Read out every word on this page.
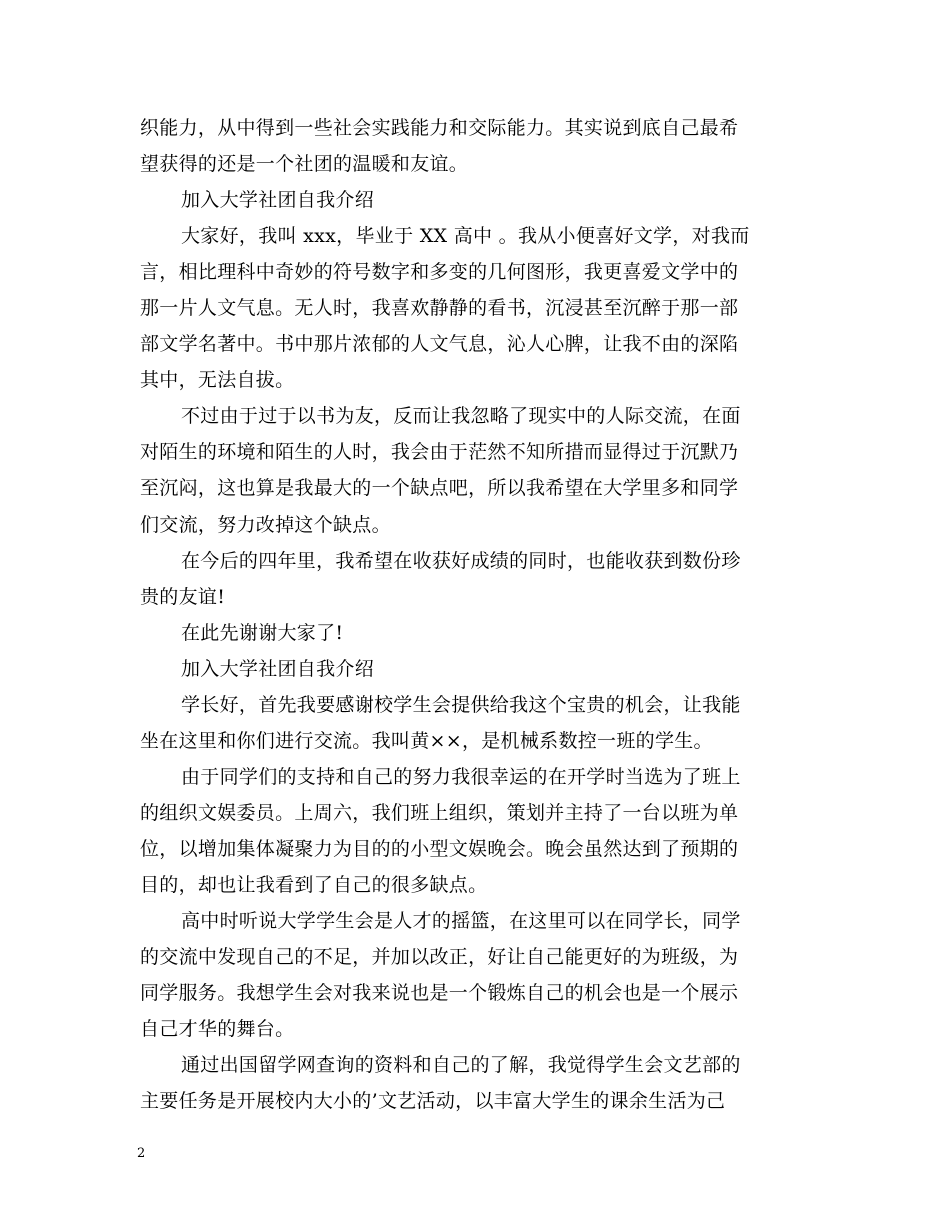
织能力，从中得到一些社会实践能力和交际能力。其实说到底自己最希
望获得的还是一个社团的温暖和友谊。
加入大学社团自我介绍
大家好，我叫 xxx，毕业于 XX 高中 。我从小便喜好文学，对我而
言，相比理科中奇妙的符号数字和多变的几何图形，我更喜爱文学中的
那一片人文气息。无人时，我喜欢静静的看书，沉浸甚至沉醉于那一部
部文学名著中。书中那片浓郁的人文气息，沁人心脾，让我不由的深陷
其中，无法自拔。
不过由于过于以书为友，反而让我忽略了现实中的人际交流，在面
对陌生的环境和陌生的人时，我会由于茫然不知所措而显得过于沉默乃
至沉闷，这也算是我最大的一个缺点吧，所以我希望在大学里多和同学
们交流，努力改掉这个缺点。
在今后的四年里，我希望在收获好成绩的同时，也能收获到数份珍
贵的友谊!
在此先谢谢大家了!
加入大学社团自我介绍
学长好，首先我要感谢校学生会提供给我这个宝贵的机会，让我能
坐在这里和你们进行交流。我叫黄××，是机械系数控一班的学生。
由于同学们的支持和自己的努力我很幸运的在开学时当选为了班上
的组织文娱委员。上周六，我们班上组织，策划并主持了一台以班为单
位，以增加集体凝聚力为目的的小型文娱晚会。晚会虽然达到了预期的
目的，却也让我看到了自己的很多缺点。
高中时听说大学学生会是人才的摇篮，在这里可以在同学长，同学
的交流中发现自己的不足，并加以改正，好让自己能更好的为班级，为
同学服务。我想学生会对我来说也是一个锻炼自己的机会也是一个展示
自己才华的舞台。
通过出国留学网查询的资料和自己的了解，我觉得学生会文艺部的
主要任务是开展校内大小的’文艺活动，以丰富大学生的课余生活为己
2
